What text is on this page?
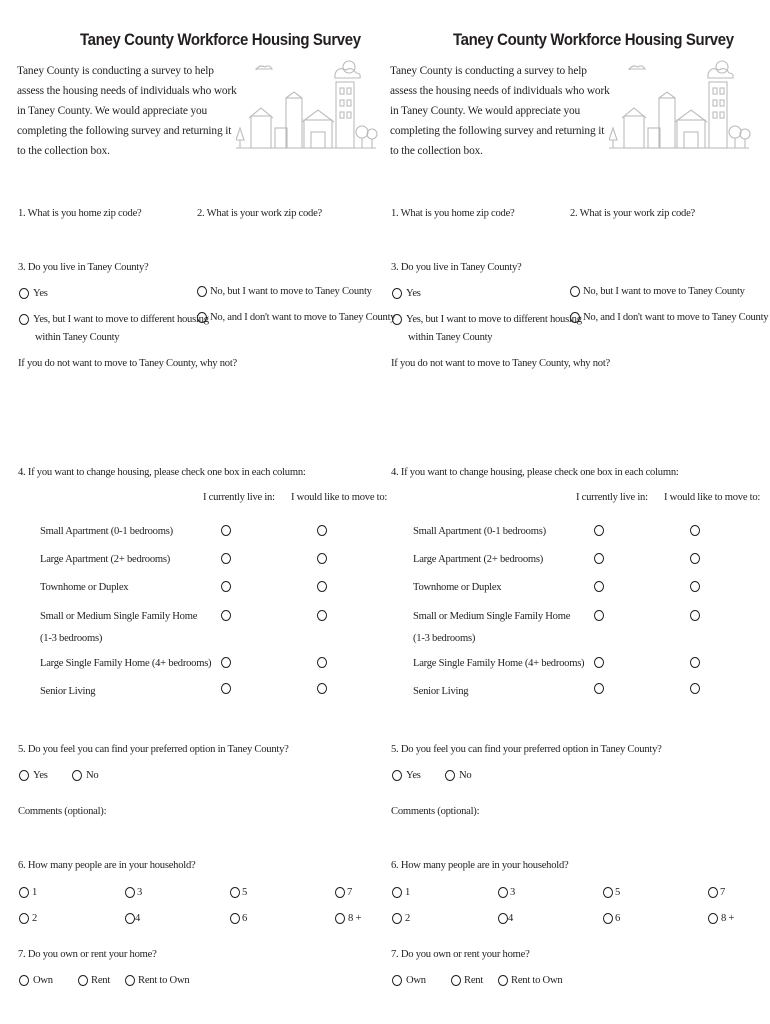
Taney County Workforce Housing Survey
Taney County is conducting a survey to help assess the housing needs of individuals who work in Taney County. We would appreciate you completing the following survey and returning it to the collection box.
1. What is you home zip code?	2. What is your work zip code?
3. Do you live in Taney County?
Yes	No, but I want to move to Taney County
Yes, but I want to move to different housing
within Taney County
No, and I don't want to move to Taney County
If you do not want to move to Taney County, why not?
4. If you want to change housing, please check one box in each column:
I currently live in: I would like to move to:
Small Apartment (0-1 bedrooms)
Large Apartment (2+ bedrooms)
Townhome or Duplex
Small or Medium Single Family Home
(1-3 bedrooms)
Large Single Family Home (4+ bedrooms)
Senior Living
5. Do you feel you can find your preferred option in Taney County?
Yes	No
Comments (optional):
6. How many people are in your household?
1	3	5	7
2	4	6	8 +
7. Do you own or rent your home?
Own	Rent	Rent to Own
Taney County Workforce Housing Survey
Taney County is conducting a survey to help assess the housing needs of individuals who work in Taney County. We would appreciate you completing the following survey and returning it to the collection box.
1. What is you home zip code?	2. What is your work zip code?
3. Do you live in Taney County?
Yes	No, but I want to move to Taney County
Yes, but I want to move to different housing
within Taney County
No, and I don't want to move to Taney County
If you do not want to move to Taney County, why not?
4. If you want to change housing, please check one box in each column:
I currently live in: I would like to move to:
Small Apartment (0-1 bedrooms)
Large Apartment (2+ bedrooms)
Townhome or Duplex
Small or Medium Single Family Home
(1-3 bedrooms)
Large Single Family Home (4+ bedrooms)
Senior Living
5. Do you feel you can find your preferred option in Taney County?
Yes	No
Comments (optional):
6. How many people are in your household?
1	3	5	7
2	4	6	8 +
7. Do you own or rent your home?
Own	Rent	Rent to Own
